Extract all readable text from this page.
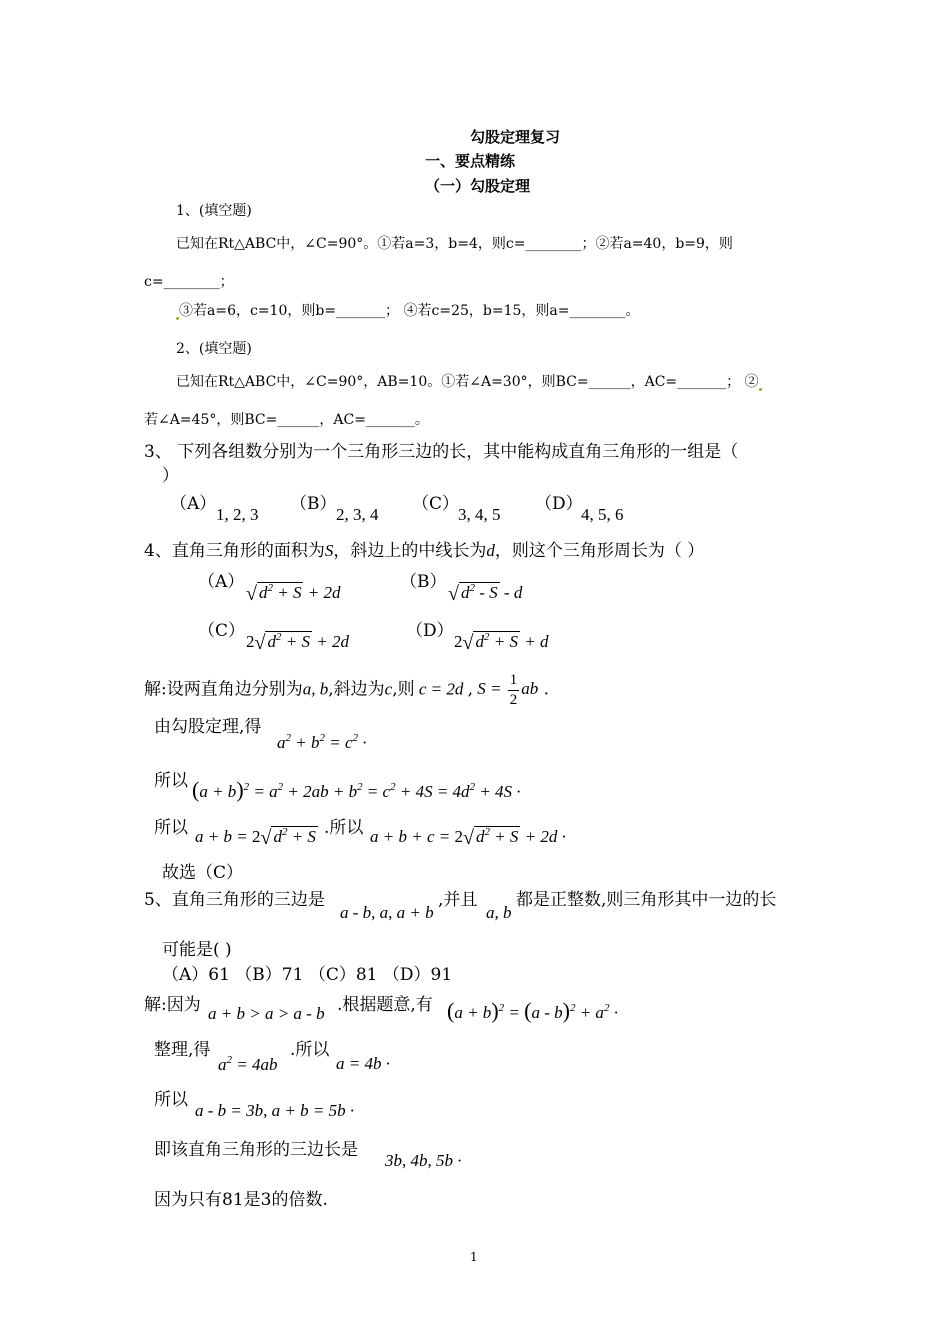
勾股定理复习
一、要点精练
（一）勾股定理
1、(填空题)
已知在Rt△ABC中，∠C=90°。①若a=3，b=4，则c=________；②若a=40，b=9，则
c=________；
③若a=6，c=10，则b=_______； ④若c=25，b=15，则a=________。
2、(填空题)
已知在Rt△ABC中，∠C=90°，AB=10。①若∠A=30°，则BC=______，AC=_______； ②
若∠A=45°，则BC=______，AC=_______。
3、 下列各组数分别为一个三角形三边的长，其中能构成直角三角形的一组是（
）
（A）
1, 2, 3
（B）
2, 3, 4
（C）
3, 4, 5
（D）
4, 5, 6
4、直角三角形的面积为S，斜边上的中线长为d，则这个三角形周长为（ ）
（A）
√ $d^2 + S + 2d$
（B）
√ $d^2$ - S - d
（C）
2√ $d^2 + S + 2d$
（D）
2√ $d^2 + S + d$
解:设两直角边分别为a, b,斜边为c,则 c = 2d , $S = \frac{1}{2}$ ab .
由勾股定理,得
$a^2 + b^2 = c^2$ ·
所以 $(a + b)^2 = a^2 + 2ab + b^2 = c^2 + 4S = 4d^2 + 4S$ ·
所以 a + b = 2√ $d^2 + S$ .所以 a + b + c = 2√ $d^2 + S + 2d$ ·
故选（C）
5、直角三角形的三边是
a - b, a, a + b
,并且
a, b
都是正整数,则三角形其中一边的长
可能是( )
（A）61 （B）71 （C）81 （D）91
解:因为 a + b > a > a - b .根据题意,有 $(a + b)^2 = (a - b)^2 + a^2$ ·
整理,得
$a^2 = 4ab$
.所以
a = 4b ·
所以
a - b = 3b, a + b = 5b ·
即该直角三角形的三边长是
3b, 4b, 5b ·
因为只有81是3的倍数.
1
